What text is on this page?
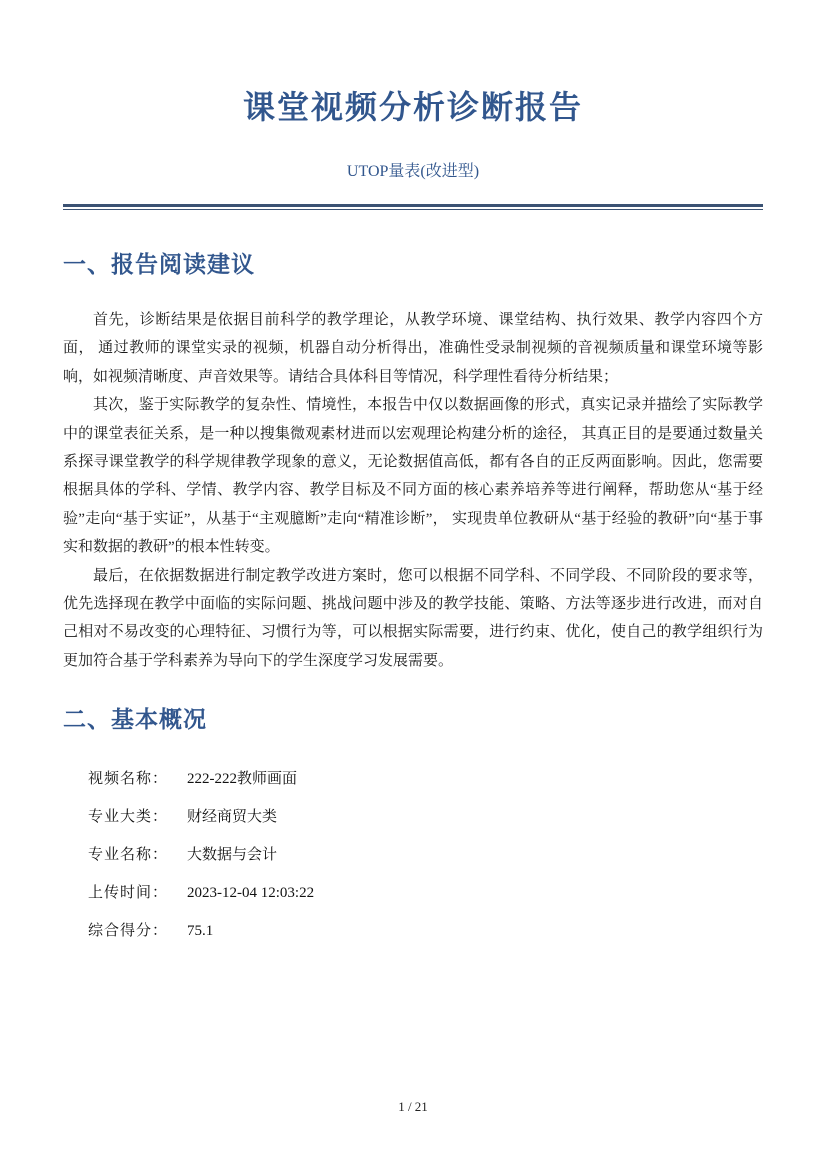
课堂视频分析诊断报告
UTOP量表(改进型)
一、报告阅读建议

首先，诊断结果是依据目前科学的教学理论，从教学环境、课堂结构、执行效果、教学内容四个方面， 通过教师的课堂实录的视频，机器自动分析得出，准确性受录制视频的音视频质量和课堂环境等影响，如视频清晰度、声音效果等。请结合具体科目等情况，科学理性看待分析结果；

其次，鉴于实际教学的复杂性、情境性，本报告中仅以数据画像的形式，真实记录并描绘了实际教学中的课堂表征关系，是一种以搜集微观素材进而以宏观理论构建分析的途径， 其真正目的是要通过数量关系探寻课堂教学的科学规律教学现象的意义，无论数据值高低，都有各自的正反两面影响。因此，您需要根据具体的学科、学情、教学内容、教学目标及不同方面的核心素养培养等进行阐释，帮助您从“基于经验”走向“基于实证”，从基于“主观臆断”走向“精准诊断”， 实现贵单位教研从“基于经验的教研”向“基于事实和数据的教研”的根本性转变。

最后，在依据数据进行制定教学改进方案时，您可以根据不同学科、不同学段、不同阶段的要求等，优先选择现在教学中面临的实际问题、挑战问题中涉及的教学技能、策略、方法等逐步进行改进，而对自己相对不易改变的心理特征、习惯行为等，可以根据实际需要，进行约束、优化，使自己的教学组织行为更加符合基于学科素养为导向下的学生深度学习发展需要。

二、基本概况
视频名称：	222-222教师画面
专业大类：	财经商贸大类
专业名称：	大数据与会计
上传时间：	2023-12-04 12:03:22
综合得分：	75.1
1 / 21
